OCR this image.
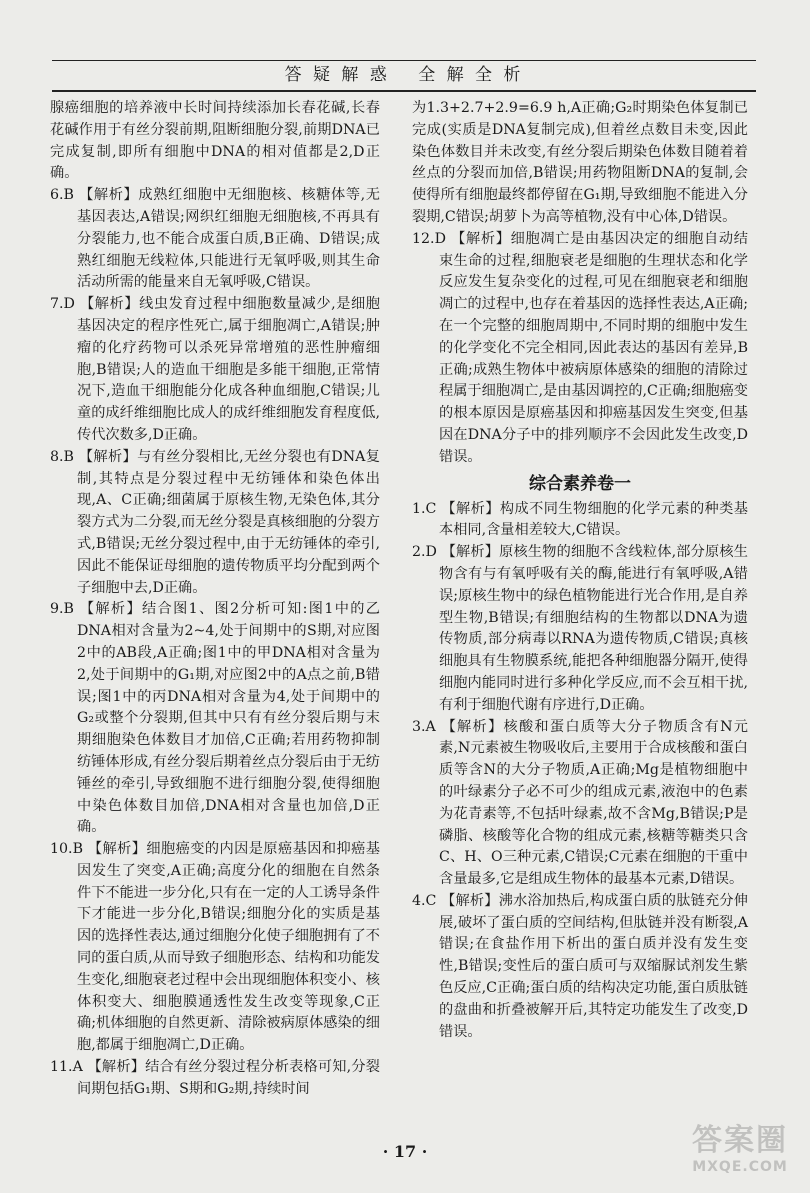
答 疑 解 惑　 全 解 全 析

腺癌细胞的培养液中长时间持续添加长春花碱,长春花碱作用于有丝分裂前期,阻断细胞分裂,前期DNA已完成复制,即所有细胞中DNA的相对值都是2,D正确。

6.B 【解析】成熟红细胞中无细胞核、核糖体等,无基因表达,A错误;网织红细胞无细胞核,不再具有分裂能力,也不能合成蛋白质,B正确、D错误;成熟红细胞无线粒体,只能进行无氧呼吸,则其生命活动所需的能量来自无氧呼吸,C错误。

7.D 【解析】线虫发育过程中细胞数量减少,是细胞基因决定的程序性死亡,属于细胞凋亡,A错误;肿瘤的化疗药物可以杀死异常增殖的恶性肿瘤细胞,B错误;人的造血干细胞是多能干细胞,正常情况下,造血干细胞能分化成各种血细胞,C错误;儿童的成纤维细胞比成人的成纤维细胞发育程度低,传代次数多,D正确。

8.B 【解析】与有丝分裂相比,无丝分裂也有DNA复制,其特点是分裂过程中无纺锤体和染色体出现,A、C正确;细菌属于原核生物,无染色体,其分裂方式为二分裂,而无丝分裂是真核细胞的分裂方式,B错误;无丝分裂过程中,由于无纺锤体的牵引,因此不能保证母细胞的遗传物质平均分配到两个子细胞中去,D正确。

9.B 【解析】结合图1、图2分析可知:图1中的乙DNA相对含量为2~4,处于间期中的S期,对应图2中的AB段,A正确;图1中的甲DNA相对含量为2,处于间期中的G₁期,对应图2中的A点之前,B错误;图1中的丙DNA相对含量为4,处于间期中的G₂或整个分裂期,但其中只有有丝分裂后期与末期细胞染色体数目才加倍,C正确;若用药物抑制纺锤体形成,有丝分裂后期着丝点分裂后由于无纺锤丝的牵引,导致细胞不进行细胞分裂,使得细胞中染色体数目加倍,DNA相对含量也加倍,D正确。

10.B 【解析】细胞癌变的内因是原癌基因和抑癌基因发生了突变,A正确;高度分化的细胞在自然条件下不能进一步分化,只有在一定的人工诱导条件下才能进一步分化,B错误;细胞分化的实质是基因的选择性表达,通过细胞分化使子细胞拥有了不同的蛋白质,从而导致子细胞形态、结构和功能发生变化,细胞衰老过程中会出现细胞体积变小、核体积变大、细胞膜通透性发生改变等现象,C正确;机体细胞的自然更新、清除被病原体感染的细胞,都属于细胞凋亡,D正确。

11.A 【解析】结合有丝分裂过程分析表格可知,分裂间期包括G₁期、S期和G₂期,持续时间

为1.3+2.7+2.9=6.9 h,A正确;G₂时期染色体复制已完成(实质是DNA复制完成),但着丝点数目未变,因此染色体数目并未改变,有丝分裂后期染色体数目随着着丝点的分裂而加倍,B错误;用药物阻断DNA的复制,会使得所有细胞最终都停留在G₁期,导致细胞不能进入分裂期,C错误;胡萝卜为高等植物,没有中心体,D错误。

12.D 【解析】细胞凋亡是由基因决定的细胞自动结束生命的过程,细胞衰老是细胞的生理状态和化学反应发生复杂变化的过程,可见在细胞衰老和细胞凋亡的过程中,也存在着基因的选择性表达,A正确;在一个完整的细胞周期中,不同时期的细胞中发生的化学变化不完全相同,因此表达的基因有差异,B正确;成熟生物体中被病原体感染的细胞的清除过程属于细胞凋亡,是由基因调控的,C正确;细胞癌变的根本原因是原癌基因和抑癌基因发生突变,但基因在DNA分子中的排列顺序不会因此发生改变,D错误。

综合素养卷一

1.C 【解析】构成不同生物细胞的化学元素的种类基本相同,含量相差较大,C错误。

2.D 【解析】原核生物的细胞不含线粒体,部分原核生物含有与有氧呼吸有关的酶,能进行有氧呼吸,A错误;原核生物中的绿色植物能进行光合作用,是自养型生物,B错误;有细胞结构的生物都以DNA为遗传物质,部分病毒以RNA为遗传物质,C错误;真核细胞具有生物膜系统,能把各种细胞器分隔开,使得细胞内能同时进行多种化学反应,而不会互相干扰,有利于细胞代谢有序进行,D正确。

3.A 【解析】核酸和蛋白质等大分子物质含有N元素,N元素被生物吸收后,主要用于合成核酸和蛋白质等含N的大分子物质,A正确;Mg是植物细胞中的叶绿素分子必不可少的组成元素,液泡中的色素为花青素等,不包括叶绿素,故不含Mg,B错误;P是磷脂、核酸等化合物的组成元素,核糖等糖类只含C、H、O三种元素,C错误;C元素在细胞的干重中含量最多,它是组成生物体的最基本元素,D错误。

4.C 【解析】沸水浴加热后,构成蛋白质的肽链充分伸展,破坏了蛋白质的空间结构,但肽链并没有断裂,A错误;在食盐作用下析出的蛋白质并没有发生变性,B错误;变性后的蛋白质可与双缩脲试剂发生紫色反应,C正确;蛋白质的结构决定功能,蛋白质肽链的盘曲和折叠被解开后,其特定功能发生了改变,D错误。

· 17 ·	答案圈
MXQE.COM
